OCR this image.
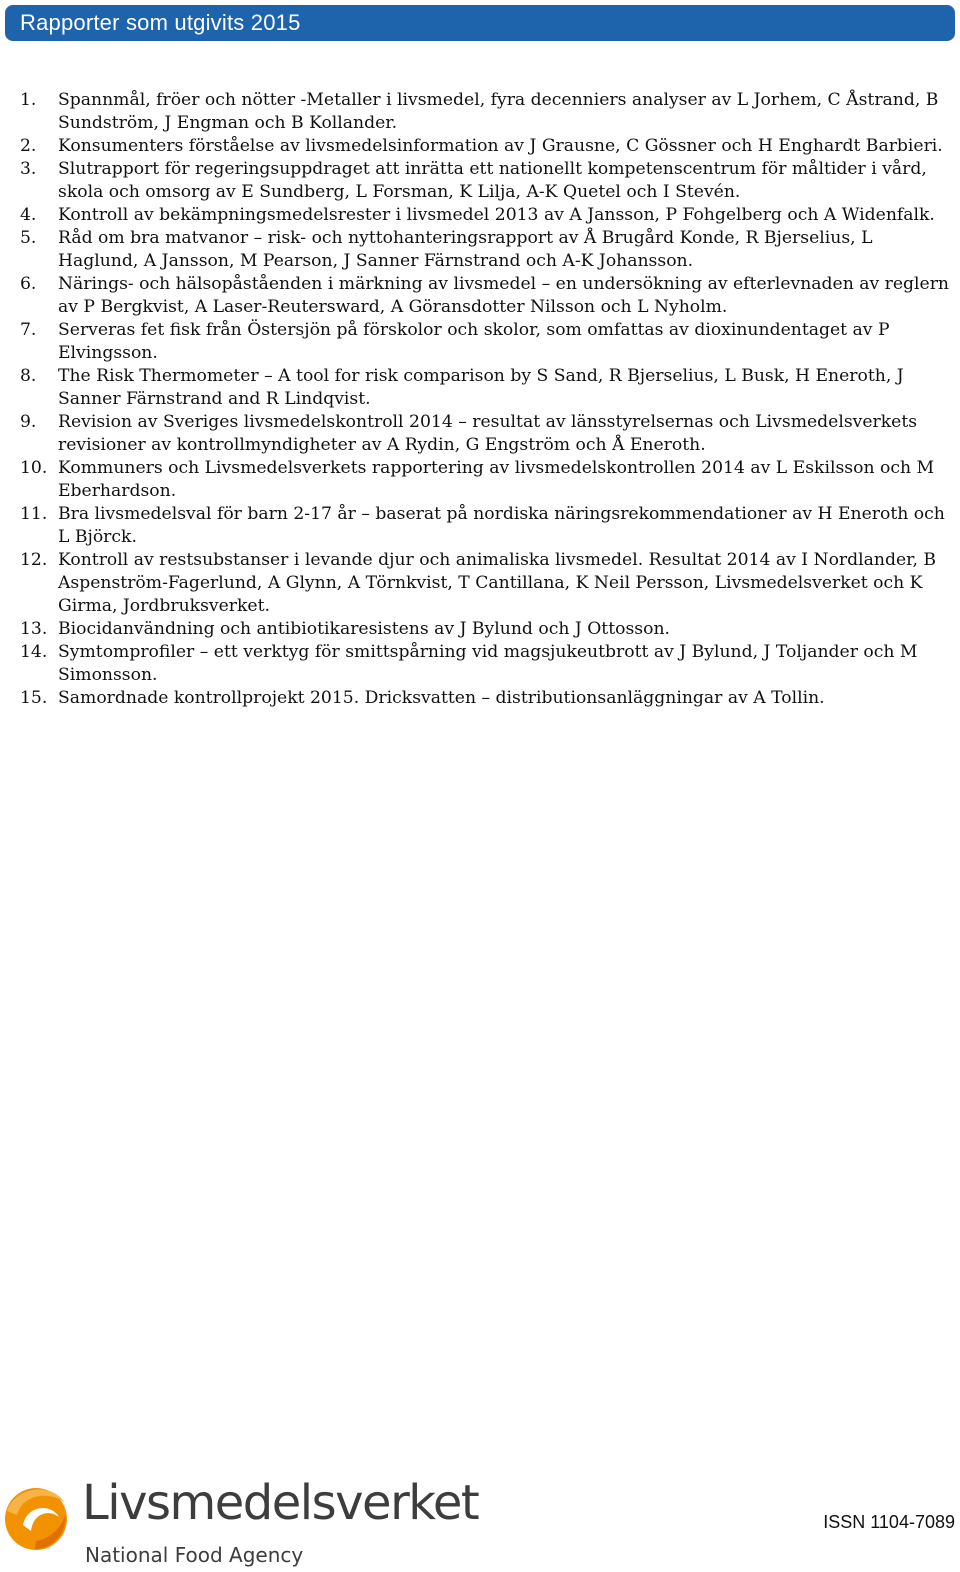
Rapporter som utgivits 2015
1.	Spannmål, fröer och nötter -Metaller i livsmedel, fyra decenniers analyser av L Jorhem, C Åstrand, B Sundström, J Engman och B Kollander.
2.	Konsumenters förståelse av livsmedelsinformation av J Grausne, C Gössner och H Enghardt Barbieri.
3.	Slutrapport för regeringsuppdraget att inrätta ett nationellt kompetenscentrum för måltider i vård, skola och omsorg av E Sundberg, L Forsman, K Lilja, A-K Quetel och I Stevén.
4.	Kontroll av bekämpningsmedelsrester i livsmedel 2013 av A Jansson, P Fohgelberg och A Widenfalk.
5.	Råd om bra matvanor – risk- och nyttohanteringsrapport av Å Brugård Konde, R Bjerselius, L Haglund, A Jansson, M Pearson, J Sanner Färnstrand och A-K Johansson.
6.	Närings- och hälsopåståenden i märkning av livsmedel – en undersökning av efterlevnaden av reglern av P Bergkvist, A Laser-Reutersward, A Göransdotter Nilsson och L Nyholm.
7.	Serveras fet fisk från Östersjön på förskolor och skolor, som omfattas av dioxinundentaget av P Elvingsson.
8.	The Risk Thermometer – A tool for risk comparison by S Sand, R Bjerselius, L Busk, H Eneroth, J Sanner Färnstrand and R Lindqvist.
9.	Revision av Sveriges livsmedelskontroll 2014 – resultat av länsstyrelsernas och Livsmedelsverkets revisioner av kontrollmyndigheter av A Rydin, G Engström och Å Eneroth.
10. Kommuners och Livsmedelsverkets rapportering av livsmedelskontrollen 2014 av L Eskilsson och M Eberhardson.
11. Bra livsmedelsval för barn 2-17 år – baserat på nordiska näringsrekommendationer av H Eneroth och L Björck.
12. Kontroll av restsubstanser i levande djur och animaliska livsmedel. Resultat 2014 av I Nordlander, B Aspenström-Fagerlund, A Glynn, A Törnkvist, T Cantillana, K Neil Persson, Livsmedelsverket och K Girma, Jordbruksverket.
13. Biocidanvändning och antibiotikaresistens av J Bylund och J Ottosson.
14. Symtomprofiler – ett verktyg för smittspårning vid magsjukeutbrott av J Bylund, J Toljander och M Simonsson.
15. Samordnade kontrollprojekt 2015. Dricksvatten – distributionsanläggningar av A Tollin.
Livsmedelsverket
National Food Agency
ISSN 1104-7089
